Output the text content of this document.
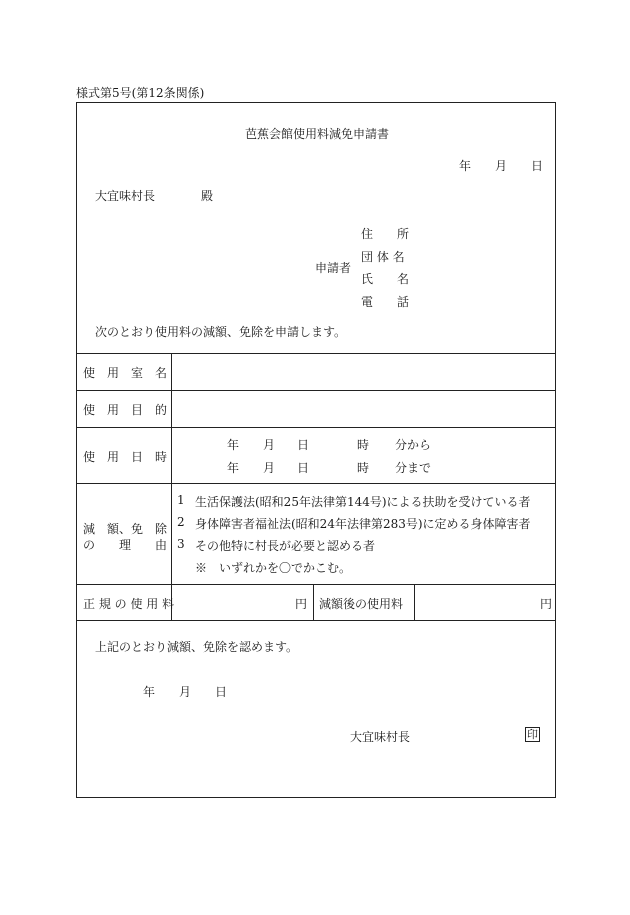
様式第5号(第12条関係)
芭蕉会館使用料減免申請書
年 月 日
大宜味村長	殿
申請者
住　　所
団 体 名
氏　　名
電　　話
次のとおり使用料の減額、免除を申請します。
使　用　室　名
使　用　目　的
使　用　日　時
年 月 日	時 分から
年 月 日	時 分まで
減　額、免　除
の　　理　　由
1 生活保護法(昭和25年法律第144号)による扶助を受けている者
2 身体障害者福祉法(昭和24年法律第283号)に定める身体障害者
3 その他特に村長が必要と認める者
※　いずれかを〇でかこむ。
正 規 の 使 用 料	円 減額後の使用料	円
上記のとおり減額、免除を認めます。
年 月 日
大宜味村長	印
